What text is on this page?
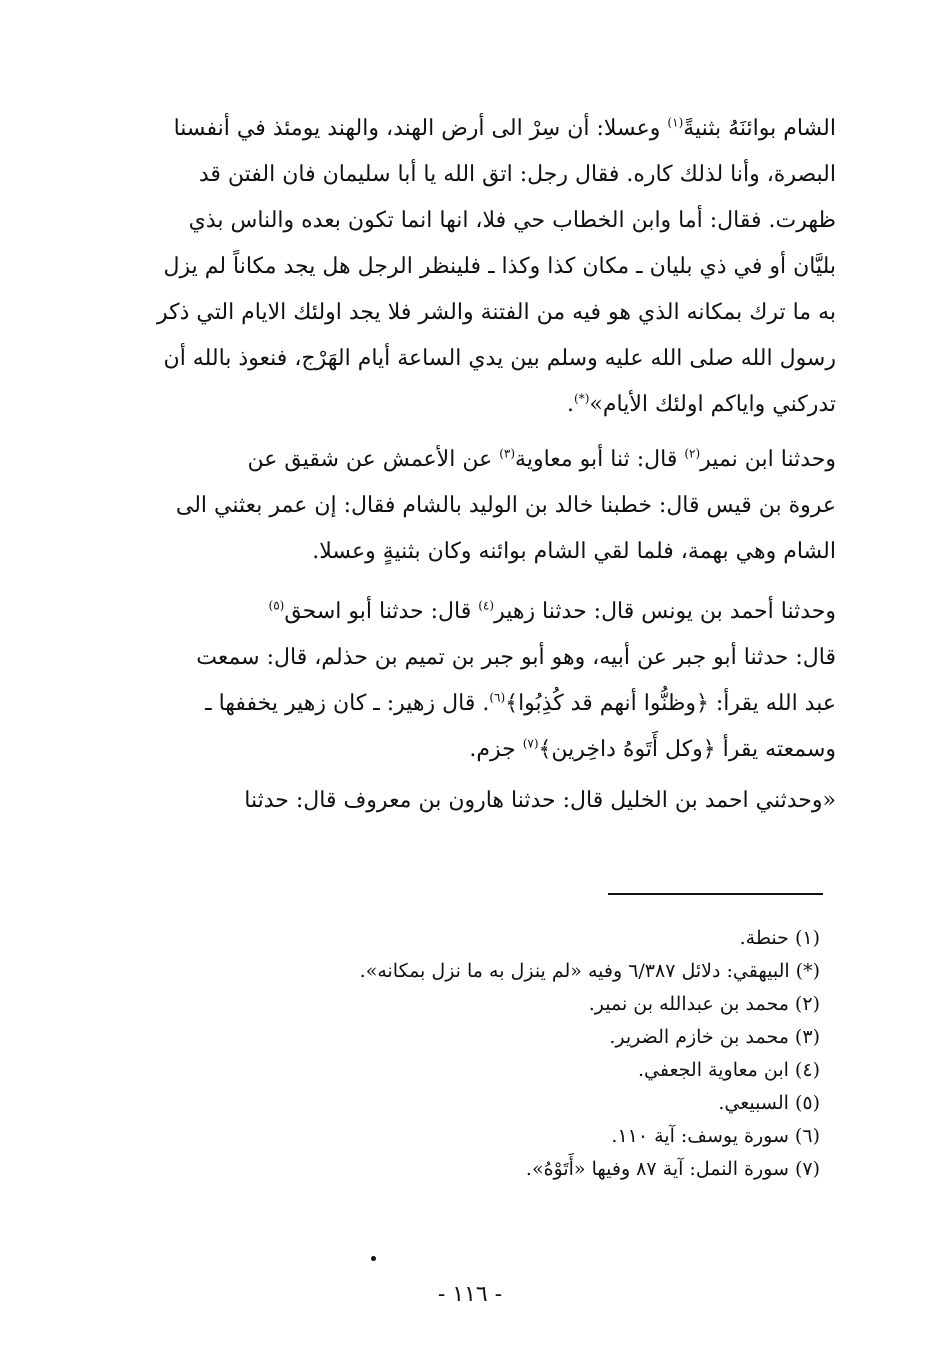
الشام بوائنَهُ بثنيةً$^{(١)}$ وعسلا: أن سِرْ الى أرض الهند، والهند يومئذ في أنفسنا
البصرة، وأنا لذلك كاره. فقال رجل: اتق الله يا أبا سليمان فان الفتن قد
ظهرت. فقال: أما وابن الخطاب حي فلا، انها انما تكون بعده والناس بذي
بليَّان أو في ذي بليان ـ مكان كذا وكذا ـ فلينظر الرجل هل يجد مكاناً لم يزل
به ما ترك بمكانه الذي هو فيه من الفتنة والشر فلا يجد اولئك الايام التي ذكر
رسول الله صلى الله عليه وسلم بين يدي الساعة أيام الهَرْج، فنعوذ بالله أن
تدركني واياكم اولئك الأيام»(*).
وحدثنا ابن نمير$^{(٢)}$ قال: ثنا أبو معاوية$^{(٣)}$ عن الأعمش عن شقيق عن
عروة بن قيس قال: خطبنا خالد بن الوليد بالشام فقال: إن عمر بعثني الى
الشام وهي بهمة، فلما لقي الشام بوائنه وكان بثنيةٍ وعسلا.
وحدثنا أحمد بن يونس قال: حدثنا زهير$^{(٤)}$ قال: حدثنا أبو اسحق$^{(٥)}$
قال: حدثنا أبو جبر عن أبيه، وهو أبو جبر بن تميم بن حذلم، قال: سمعت
عبد الله يقرأ: ﴿وظنُّوا أنهم قد كُذِبُوا﴾$^{(٦)}$. قال زهير: ـ كان زهير يخففها ـ
وسمعته يقرأ ﴿وكل أَتَوهُ داخِرين﴾$^{(٧)}$ جزم.
«وحدثني احمد بن الخليل قال: حدثنا هارون بن معروف قال: حدثنا
(١) حنطة.
(*) البيهقي: دلائل ٦/٣٨٧ وفيه «لم ينزل به ما نزل بمكانه».
(٢) محمد بن عبدالله بن نمير.
(٣) محمد بن خازم الضرير.
(٤) ابن معاوية الجعفي.
(٥) السبيعي.
(٦) سورة يوسف: آية ١١٠.
(٧) سورة النمل: آية ٨٧ وفيها «أَتَوْهُ».
- ١١٦ -
